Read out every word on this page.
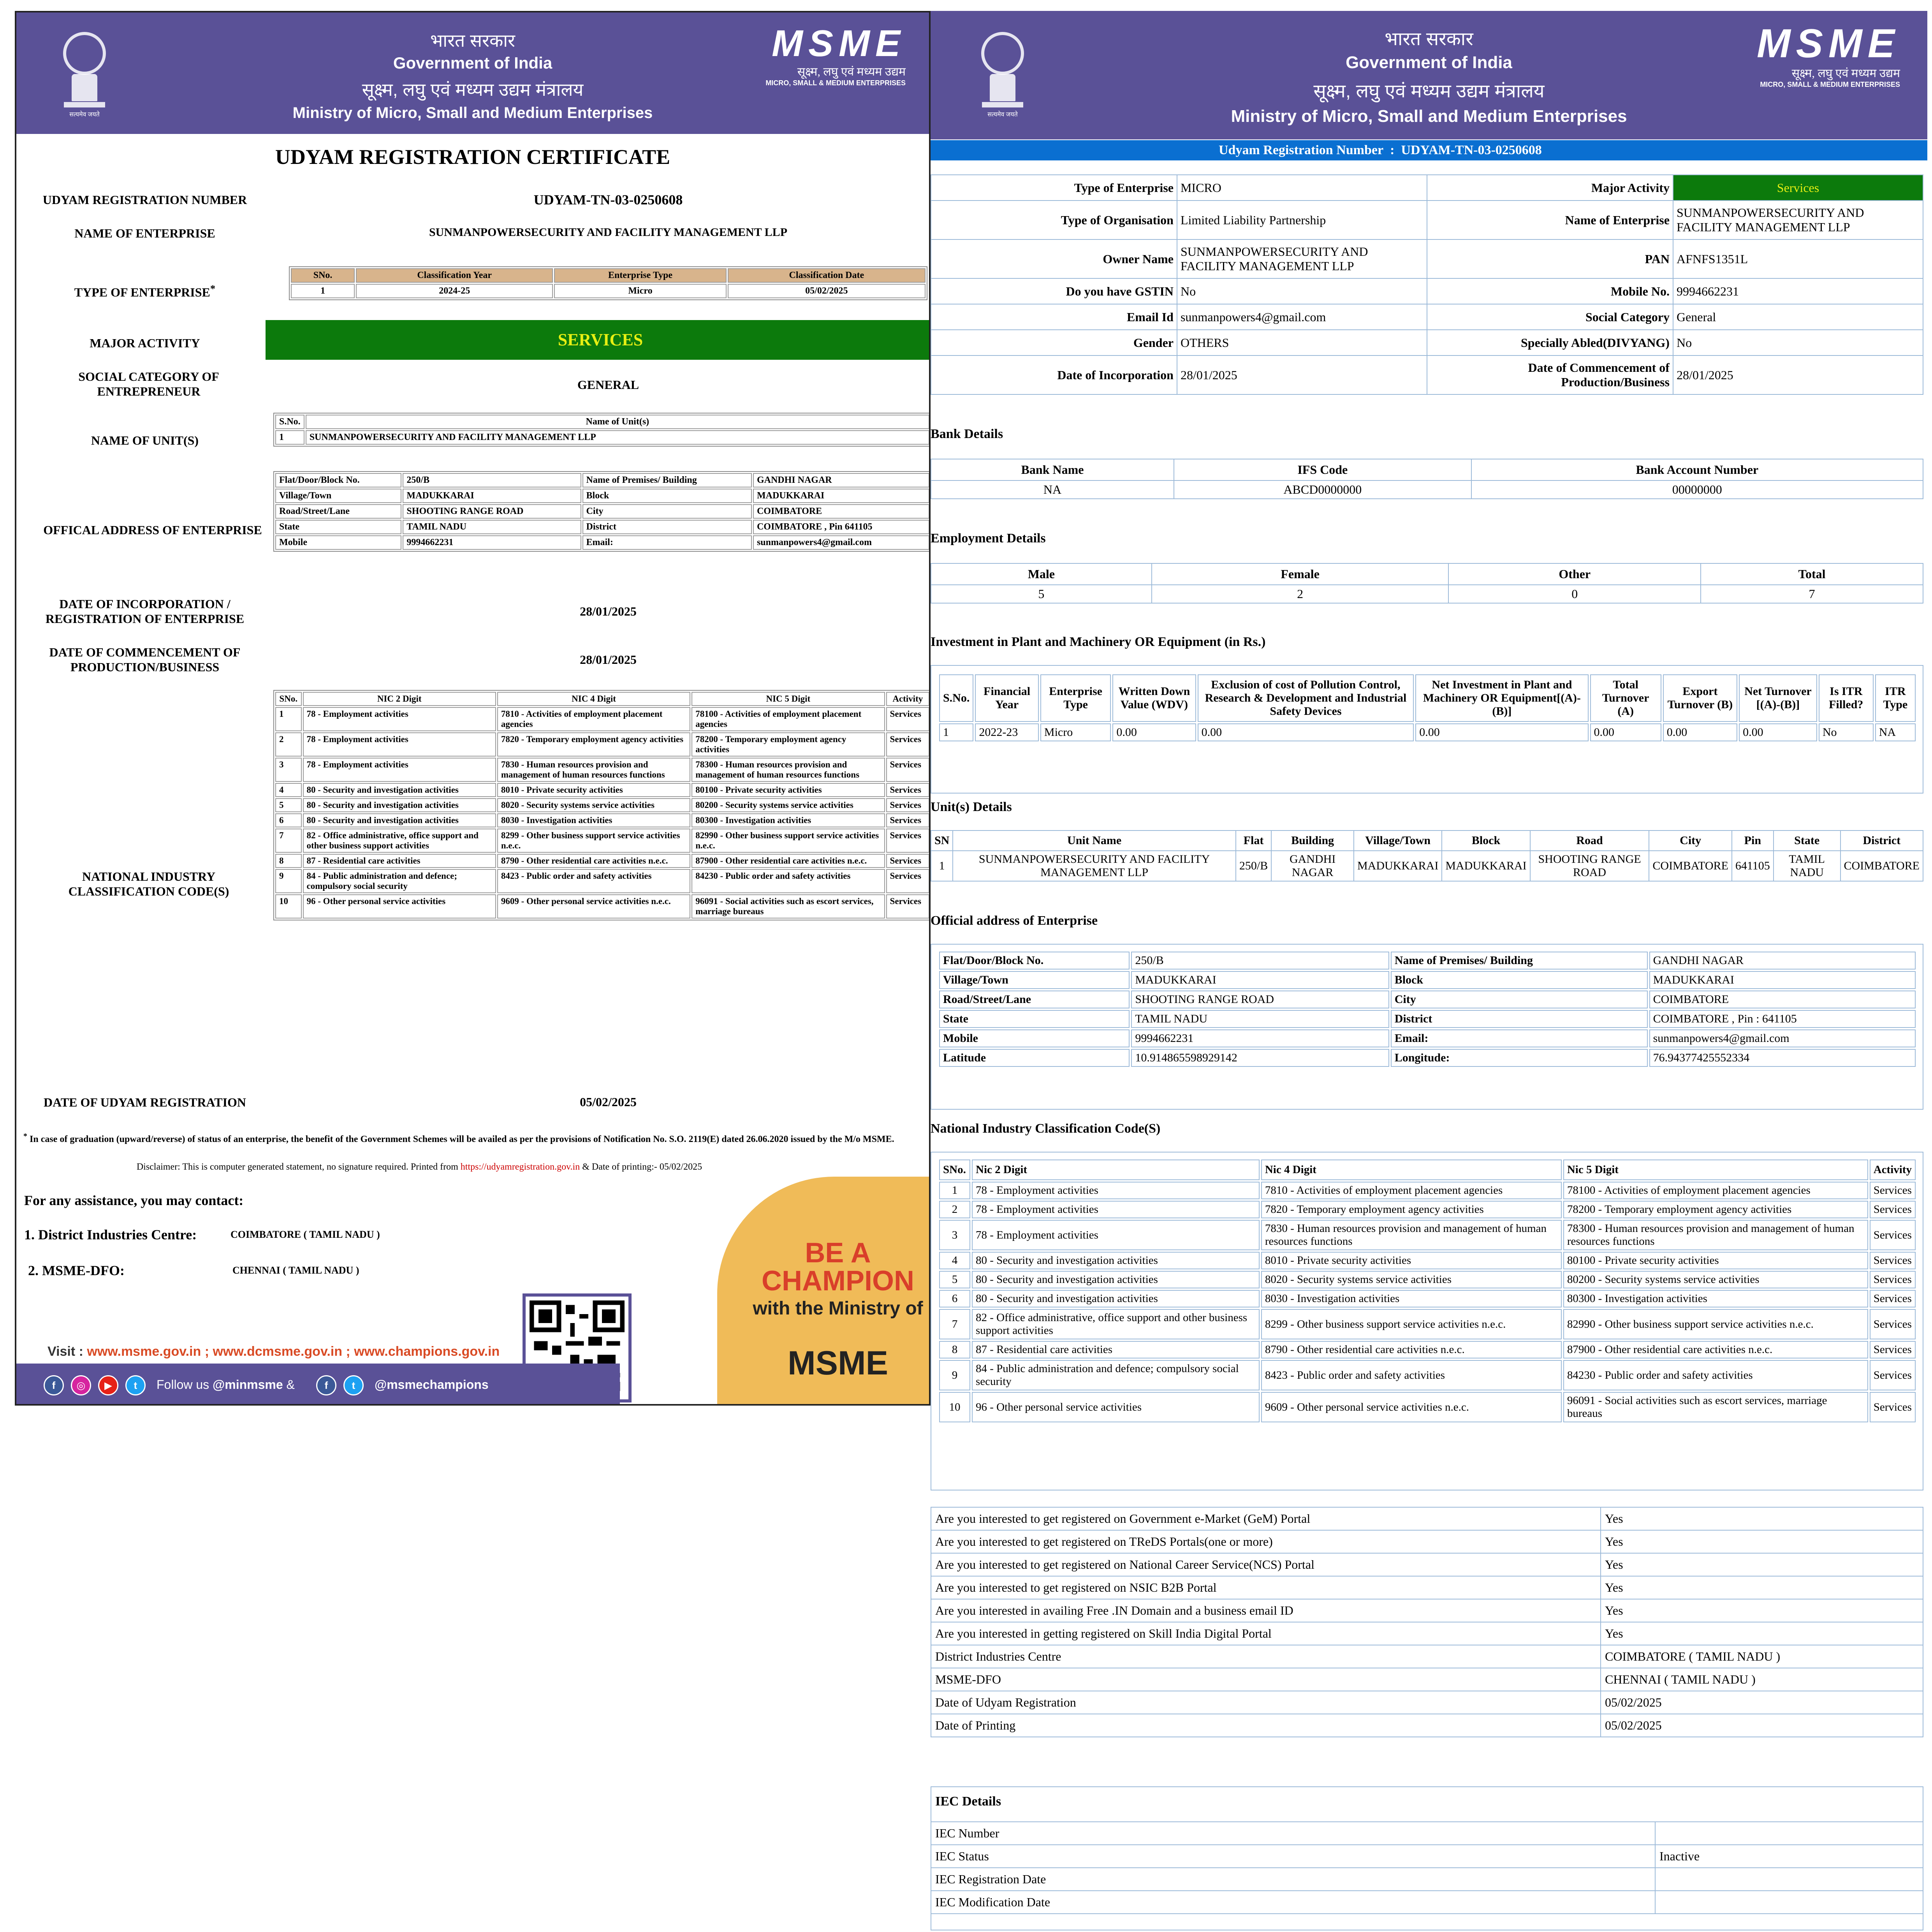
सत्यमेव जयते
भारत सरकार
Government of India
सूक्ष्म, लघु एवं मध्यम उद्यम मंत्रालय
Ministry of Micro, Small and Medium Enterprises
MSME
सूक्ष्म, लघु एवं मध्यम उद्यम
MICRO, SMALL & MEDIUM ENTERPRISES
UDYAM REGISTRATION CERTIFICATE
UDYAM REGISTRATION NUMBER	UDYAM-TN-03-0250608
NAME OF ENTERPRISE	SUNMANPOWERSECURITY AND FACILITY MANAGEMENT LLP
TYPE OF ENTERPRISE*
SNo.	Classification Year	Enterprise Type	Classification Date
1	2024-25	Micro	05/02/2025
MAJOR ACTIVITY	SERVICES
SOCIAL CATEGORY OF ENTREPRENEUR	GENERAL
NAME OF UNIT(S)
S.No.	Name of Unit(s)
1	SUNMANPOWERSECURITY AND FACILITY MANAGEMENT LLP
OFFICAL ADDRESS OF ENTERPRISE
Flat/Door/Block No.	250/B	Name of Premises/ Building	GANDHI NAGAR
Village/Town	MADUKKARAI	Block	MADUKKARAI
Road/Street/Lane	SHOOTING RANGE ROAD	City	COIMBATORE
State	TAMIL NADU	District	COIMBATORE , Pin 641105
Mobile	9994662231	Email:	sunmanpowers4@gmail.com
DATE OF INCORPORATION / REGISTRATION OF ENTERPRISE
28/01/2025
DATE OF COMMENCEMENT OF PRODUCTION/BUSINESS
28/01/2025
NATIONAL INDUSTRY CLASSIFICATION CODE(S)
SNo.	NIC 2 Digit	NIC 4 Digit	NIC 5 Digit	Activity
1	78 - Employment activities	7810 - Activities of employment placement agencies	78100 - Activities of employment placement agencies	Services
2	78 - Employment activities	7820 - Temporary employment agency activities	78200 - Temporary employment agency activities	Services
3	78 - Employment activities	7830 - Human resources provision and management of human resources functions	78300 - Human resources provision and management of human resources functions	Services
4	80 - Security and investigation activities	8010 - Private security activities	80100 - Private security activities	Services
5	80 - Security and investigation activities	8020 - Security systems service activities	80200 - Security systems service activities	Services
6	80 - Security and investigation activities	8030 - Investigation activities	80300 - Investigation activities	Services
7	82 - Office administrative, office support and other business support activities	8299 - Other business support service activities n.e.c.	82990 - Other business support service activities n.e.c.	Services
8	87 - Residential care activities	8790 - Other residential care activities n.e.c.	87900 - Other residential care activities n.e.c.	Services
9	84 - Public administration and defence; compulsory social security	8423 - Public order and safety activities	84230 - Public order and safety activities	Services
10	96 - Other personal service activities	9609 - Other personal service activities n.e.c.	96091 - Social activities such as escort services, marriage bureaus	Services
DATE OF UDYAM REGISTRATION	05/02/2025
* In case of graduation (upward/reverse) of status of an enterprise, the benefit of the Government Schemes will be availed as per the provisions of Notification No. S.O. 2119(E) dated 26.06.2020 issued by the M/o MSME.
Disclaimer: This is computer generated statement, no signature required. Printed from https://udyamregistration.gov.in & Date of printing:- 05/02/2025
For any assistance, you may contact:
1. District Industries Centre:	COIMBATORE ( TAMIL NADU )
2. MSME-DFO:	CHENNAI ( TAMIL NADU )
BE A CHAMPION
with the Ministry of
MSME
Visit : www.msme.gov.in ; www.dcmsme.gov.in ; www.champions.gov.in
f	◎	▶	t	Follow us @minmsme &	f	t	@msmechampions
सत्यमेव जयते
भारत सरकार
Government of India
सूक्ष्म, लघु एवं मध्यम उद्यम मंत्रालय
Ministry of Micro, Small and Medium Enterprises
MSME
सूक्ष्म, लघु एवं मध्यम उद्यम
MICRO, SMALL & MEDIUM ENTERPRISES
Udyam Registration Number : UDYAM-TN-03-0250608
Type of Enterprise	MICRO	Major Activity	Services
Type of Organisation	Limited Liability Partnership	Name of Enterprise	SUNMANPOWERSECURITY AND FACILITY MANAGEMENT LLP
Owner Name	SUNMANPOWERSECURITY AND FACILITY MANAGEMENT LLP	PAN	AFNFS1351L
Do you have GSTIN	No	Mobile No.	9994662231
Email Id	sunmanpowers4@gmail.com	Social Category	General
Gender	OTHERS	Specially Abled(DIVYANG)	No
Date of Incorporation	28/01/2025	Date of Commencement of Production/Business	28/01/2025
Bank Details
Bank Name	IFS Code	Bank Account Number
NA	ABCD0000000	00000000
Employment Details
Male	Female	Other	Total
5	2	0	7
Investment in Plant and Machinery OR Equipment (in Rs.)
S.No.	Financial Year	Enterprise Type	Written Down Value (WDV)	Exclusion of cost of Pollution Control, Research & Development and Industrial Safety Devices	Net Investment in Plant and Machinery OR Equipment[(A)-(B)]	Total Turnover (A)	Export Turnover (B)	Net Turnover [(A)-(B)]	Is ITR Filled?	ITR Type
1	2022-23	Micro	0.00	0.00	0.00	0.00	0.00	0.00	No	NA
Unit(s) Details
SN	Unit Name	Flat	Building	Village/Town	Block	Road	City	Pin	State	District
1	SUNMANPOWERSECURITY AND FACILITY MANAGEMENT LLP	250/B	GANDHI NAGAR	MADUKKARAI	MADUKKARAI	SHOOTING RANGE ROAD	COIMBATORE	641105	TAMIL NADU	COIMBATORE
Official address of Enterprise
Flat/Door/Block No.	250/B	Name of Premises/ Building	GANDHI NAGAR
Village/Town	MADUKKARAI	Block	MADUKKARAI
Road/Street/Lane	SHOOTING RANGE ROAD	City	COIMBATORE
State	TAMIL NADU	District	COIMBATORE , Pin : 641105
Mobile	9994662231	Email:	sunmanpowers4@gmail.com
Latitude	10.914865598929142	Longitude:	76.94377425552334
National Industry Classification Code(S)
SNo.	Nic 2 Digit	Nic 4 Digit	Nic 5 Digit	Activity
1	78 - Employment activities	7810 - Activities of employment placement agencies	78100 - Activities of employment placement agencies	Services
2	78 - Employment activities	7820 - Temporary employment agency activities	78200 - Temporary employment agency activities	Services
3	78 - Employment activities	7830 - Human resources provision and management of human resources functions	78300 - Human resources provision and management of human resources functions	Services
4	80 - Security and investigation activities	8010 - Private security activities	80100 - Private security activities	Services
5	80 - Security and investigation activities	8020 - Security systems service activities	80200 - Security systems service activities	Services
6	80 - Security and investigation activities	8030 - Investigation activities	80300 - Investigation activities	Services
7	82 - Office administrative, office support and other business support activities	8299 - Other business support service activities n.e.c.	82990 - Other business support service activities n.e.c.	Services
8	87 - Residential care activities	8790 - Other residential care activities n.e.c.	87900 - Other residential care activities n.e.c.	Services
9	84 - Public administration and defence; compulsory social security	8423 - Public order and safety activities	84230 - Public order and safety activities	Services
10	96 - Other personal service activities	9609 - Other personal service activities n.e.c.	96091 - Social activities such as escort services, marriage bureaus	Services
Are you interested to get registered on Government e-Market (GeM) Portal	Yes
Are you interested to get registered on TReDS Portals(one or more)	Yes
Are you interested to get registered on National Career Service(NCS) Portal	Yes
Are you interested to get registered on NSIC B2B Portal	Yes
Are you interested in availing Free .IN Domain and a business email ID	Yes
Are you interested in getting registered on Skill India Digital Portal	Yes
District Industries Centre	COIMBATORE ( TAMIL NADU )
MSME-DFO	CHENNAI ( TAMIL NADU )
Date of Udyam Registration	05/02/2025
Date of Printing	05/02/2025
IEC Details
IEC Number	
IEC Status	Inactive
IEC Registration Date	
IEC Modification Date	
